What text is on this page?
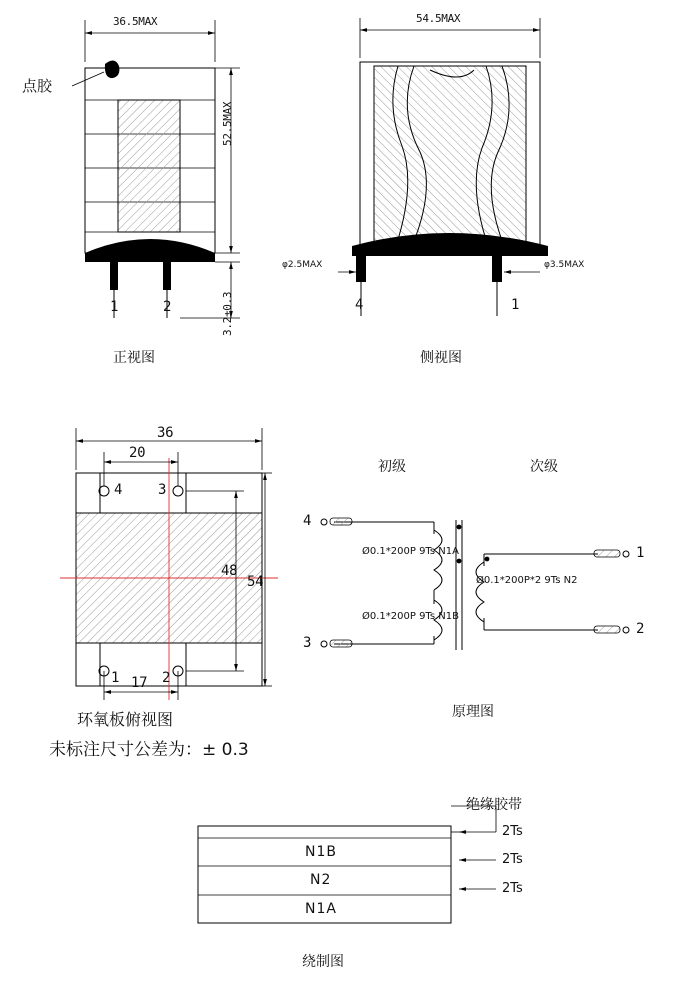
36.5MAX
52.5MAX
3.2±0.3
点胶
1	2
正视图
54.5MAX
φ2.5MAX	φ3.5MAX
4	1
侧视图
36
20
48
54
17
4	3
1	2
环氧板俯视图
未标注尺寸公差为：± 0.3
初级	次级
4
3
1
2
Ø0.1*200P 9Ts N1A
Ø0.1*200P 9Ts N1B
Ø0.1*200P*2 9Ts N2
原理图
绝缘胶带
2Ts
N1B	2Ts
N2
2Ts
N1A
绕制图
